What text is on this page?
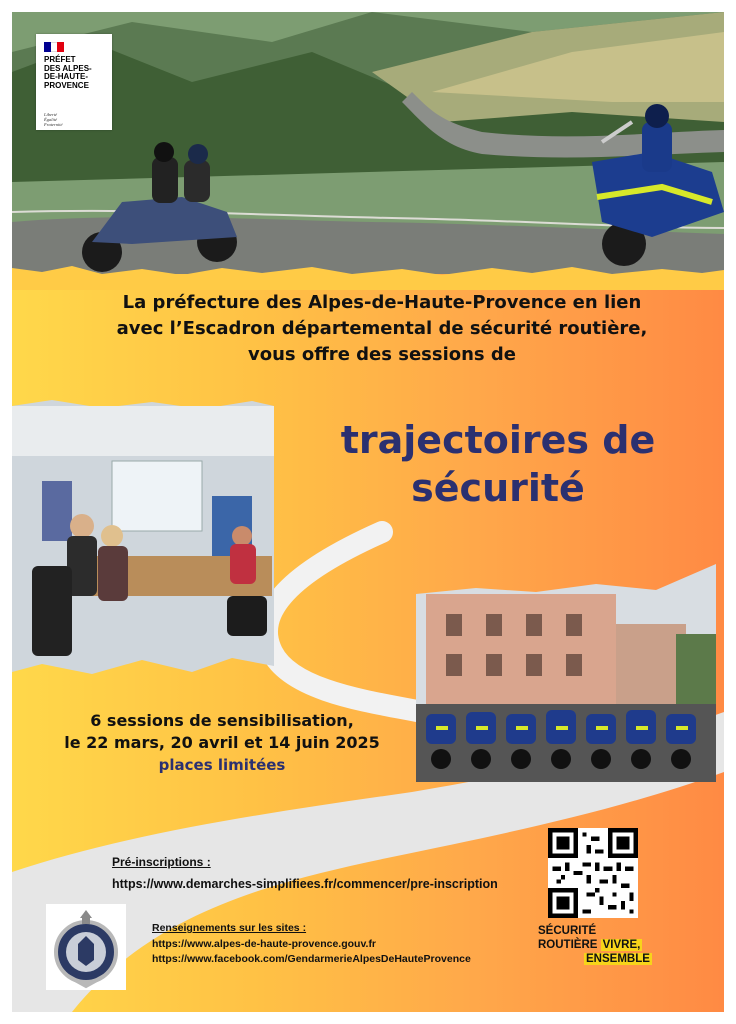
PRÉFET
DES ALPES-
DE-HAUTE-
PROVENCE
Liberté
Égalité
Fraternité
La préfecture des Alpes-de-Haute-Provence en lien
avec l’Escadron départemental de sécurité routière,
vous offre des sessions de
trajectoires de
sécurité
6 sessions de sensibilisation,
le 22 mars, 20 avril et 14 juin 2025
places limitées
Pré-inscriptions :
https://www.demarches-simplifiees.fr/commencer/pre-inscription
Renseignements sur les sites :
https://www.alpes-de-haute-provence.gouv.fr
https://www.facebook.com/GendarmerieAlpesDeHauteProvence
SÉCURITÉ
ROUTIÈRE VIVRE,
ENSEMBLE
